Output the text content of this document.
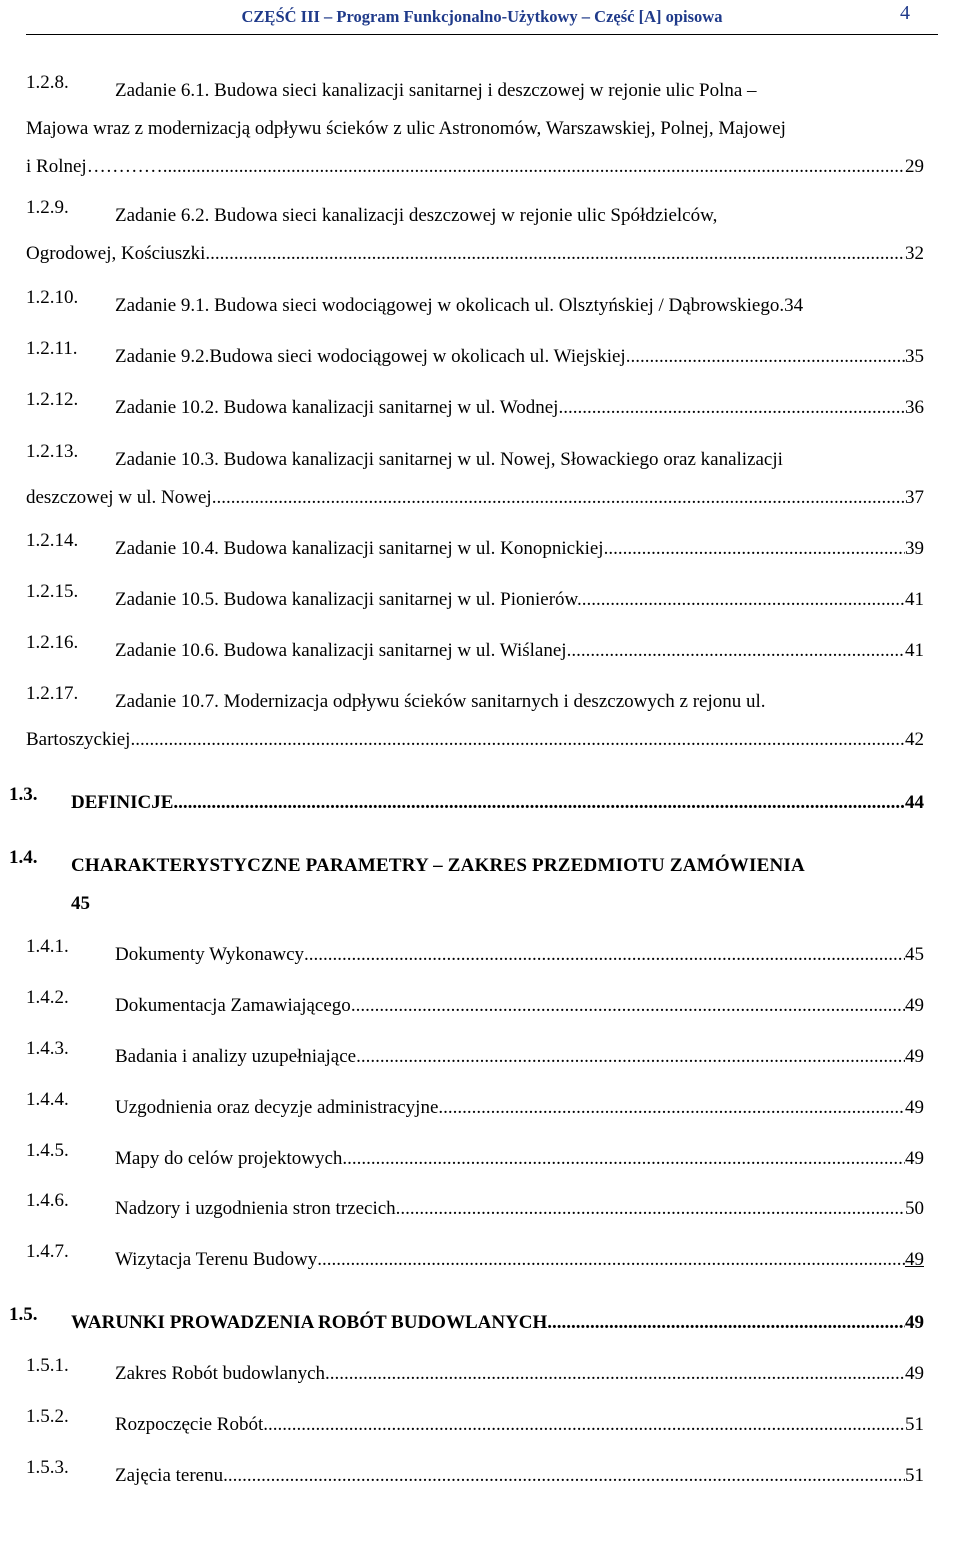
CZĘŚĆ III – Program Funkcjonalno-Użytkowy – Część [A] opisowa	4
1.2.8. Zadanie 6.1. Budowa sieci kanalizacji sanitarnej i deszczowej w rejonie ulic Polna –
Majowa wraz z modernizacją odpływu ścieków z ulic Astronomów, Warszawskiej, Polnej, Majowej
i Rolnej…………. .....	29
1.2.9. Zadanie 6.2. Budowa sieci kanalizacji deszczowej w rejonie ulic Spółdzielców,
Ogrodowej, Kościuszki. .....	32
1.2.10. Zadanie 9.1. Budowa sieci wodociągowej w okolicach ul. Olsztyńskiej / Dąbrowskiego. 34
1.2.11. Zadanie 9.2.Budowa sieci wodociągowej w okolicach ul. Wiejskiej .....	35
1.2.12. Zadanie 10.2. Budowa kanalizacji sanitarnej w ul. Wodnej .....	36
1.2.13. Zadanie 10.3. Budowa kanalizacji sanitarnej w ul. Nowej, Słowackiego oraz kanalizacji
deszczowej w ul. Nowej. .....	37
1.2.14. Zadanie 10.4. Budowa kanalizacji sanitarnej w ul. Konopnickiej. .....	39
1.2.15. Zadanie 10.5. Budowa kanalizacji sanitarnej w ul. Pionierów. .....	41
1.2.16. Zadanie 10.6. Budowa kanalizacji sanitarnej w ul. Wiślanej. .....	41
1.2.17. Zadanie 10.7. Modernizacja odpływu ścieków sanitarnych i deszczowych z rejonu ul.
Bartoszyckiej. .....	42
1.3. DEFINICJE .....	44
1.4. CHARAKTERYSTYCZNE PARAMETRY – ZAKRES PRZEDMIOTU ZAMÓWIENIA
45
1.4.1. Dokumenty Wykonawcy .....	45
1.4.2. Dokumentacja Zamawiającego .....	49
1.4.3. Badania i analizy uzupełniające .....	49
1.4.4. Uzgodnienia oraz decyzje administracyjne .....	49
1.4.5. Mapy do celów projektowych .....	49
1.4.6. Nadzory i uzgodnienia stron trzecich .....	50
1.4.7. Wizytacja Terenu Budowy .....	49
1.5. WARUNKI PROWADZENIA ROBÓT BUDOWLANYCH .....	49
1.5.1. Zakres Robót budowlanych .....	49
1.5.2. Rozpoczęcie Robót .....	51
1.5.3. Zajęcia terenu .....	51
